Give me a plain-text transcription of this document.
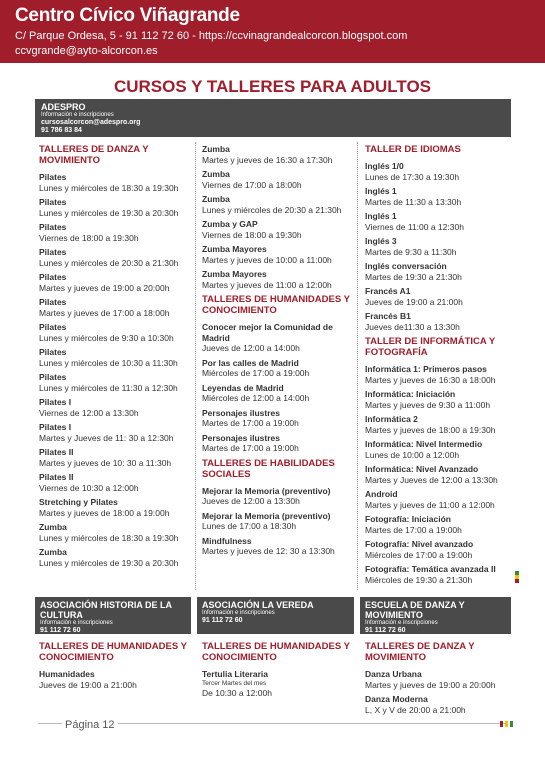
Centro Cívico Viñagrande
C/ Parque Ordesa, 5 - 91 112 72 60 - https://ccvinagrandealcorcon.blogspot.com
ccvgrande@ayto-alcorcon.es
CURSOS Y TALLERES PARA ADULTOS
ADESPRO
Información e inscripciones
cursosalcorcon@adespro.org
91 786 83 84
TALLERES DE DANZA Y MOVIMIENTO
Pilates
Lunes y miércoles de 18:30 a 19:30h
Pilates
Lunes y miércoles de 19:30 a 20:30h
Pilates
Viernes de 18:00 a 19:30h
Pilates
Lunes y miércoles de 20:30 a 21:30h
Pilates
Martes y jueves de 19:00 a 20:00h
Pilates
Martes y jueves de 17:00 a 18:00h
Pilates
Lunes y miércoles de 9:30 a 10:30h
Pilates
Lunes y miércoles de 10:30 a 11:30h
Pilates
Lunes y miércoles de 11:30 a 12:30h
Pilates I
Viernes de 12:00 a 13:30h
Pilates I
Martes y Jueves de 11: 30 a 12:30h
Pilates II
Martes y jueves de 10: 30 a 11:30h
Pilates II
Viernes de 10:30 a 12:00h
Stretching y Pilates
Martes y jueves de 18:00 a 19:00h
Zumba
Lunes y miércoles de 18:30 a 19:30h
Zumba
Lunes y miércoles de 19:30 a 20:30h
Zumba
Martes y jueves de 16:30 a 17:30h
Zumba
Viernes de 17:00 a 18:00h
Zumba
Lunes y miércoles de 20:30 a 21:30h
Zumba y GAP
Viernes de 18:00 a 19:30h
Zumba Mayores
Martes y jueves de 10:00 a 11:00h
Zumba Mayores
Martes y jueves de 11:00 a 12:00h
TALLERES DE HUMANIDADES Y CONOCIMIENTO
Conocer mejor la Comunidad de Madrid
Jueves de 12:00 a 14:00h
Por las calles de Madrid
Miércoles de 17:00 a 19:00h
Leyendas de Madrid
Miércoles de 12:00 a 14:00h
Personajes ilustres
Martes de 17:00 a 19:00h
Personajes ilustres
Martes de 17:00 a 19:00h
TALLERES DE HABILIDADES SOCIALES
Mejorar la Memoria (preventivo)
Jueves de 12:00 a 13:30h
Mejorar la Memoria (preventivo)
Lunes de 17:00 a 18:30h
Mindfulness
Martes y jueves de 12: 30 a 13:30h
TALLER DE IDIOMAS
Inglés 1/0
Lunes de 17:30 a 19:30h
Inglés 1
Martes de 11:30 a 13:30h
Inglés 1
Viernes de 11:00 a 12:30h
Inglés 3
Martes de 9:30 a 11:30h
Inglés conversación
Martes de 19:30 a 21:30h
Francés A1
Jueves de 19:00 a 21:00h
Francés B1
Jueves de11:30 a 13:30h
TALLER DE INFORMÁTICA Y FOTOGRAFÍA
Informática 1: Primeros pasos
Martes y jueves de 16:30 a 18:00h
Informática: Iniciación
Martes y jueves de 9:30 a 11:00h
Informática 2
Martes y jueves de 18:00 a 19:30h
Informática: Nivel Intermedio
Lunes de 10:00 a 12:00h
Informática: Nivel Avanzado
Martes y Jueves de 12:00 a 13:30h
Android
Martes y jueves de 11:00 a 12:00h
Fotografía: Iniciación
Martes de 17:00 a 19:00h
Fotografía: Nivel avanzado
Miércoles de 17:00 a 19:00h
Fotografía: Temática avanzada II
Miércoles de 19:30 a 21:30h
ASOCIACIÓN HISTORIA DE LA CULTURA
Información e inscripciones
91 112 72 60
ASOCIACIÓN LA VEREDA
Información e inscripciones
91 112 72 60
ESCUELA DE DANZA Y MOVIMIENTO
Información e inscripciones
91 112 72 60
TALLERES DE HUMANIDADES Y CONOCIMIENTO
Humanidades
Jueves de 19:00 a 21:00h
TALLERES DE HUMANIDADES Y CONOCIMIENTO
Tertulia Literaria
Tercer Martes del mes
De 10:30 a 12:00h
TALLERES DE DANZA Y MOVIMIENTO
Danza Urbana
Martes y jueves de 19:00 a 20:00h
Danza Moderna
L, X y V de 20:00 a 21:00h
Página 12
